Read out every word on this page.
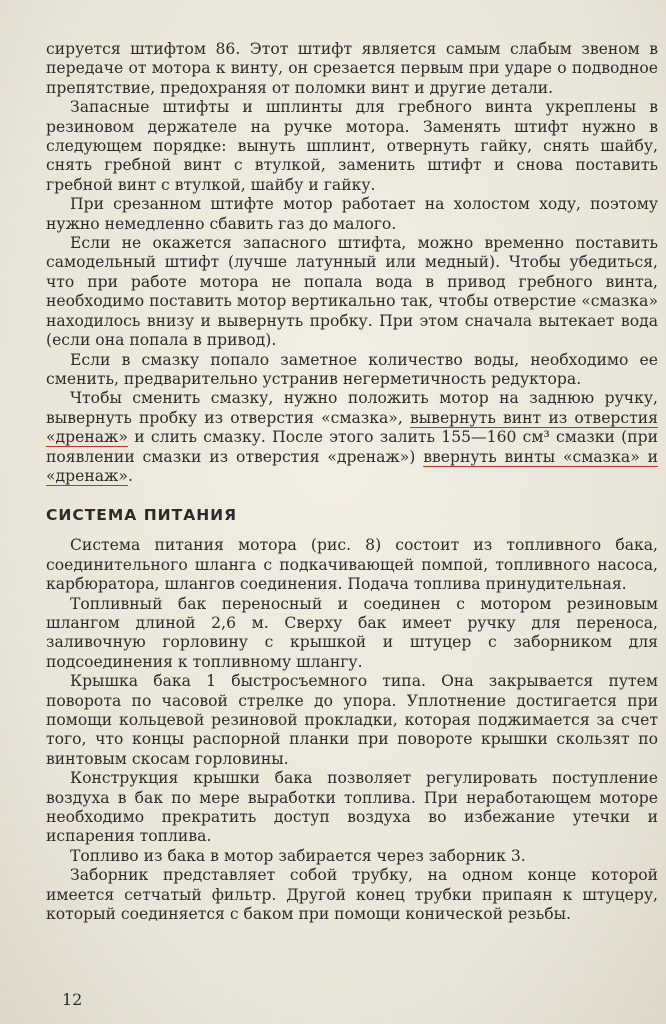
сируется штифтом 86. Этот штифт является самым слабым звеном в передаче от мотора к винту, он срезается первым при ударе о подводное препятствие, предохраняя от поломки винт и другие детали.

Запасные штифты и шплинты для гребного винта укреплены в резиновом держателе на ручке мотора. Заменять штифт нужно в следующем порядке: вынуть шплинт, отвернуть гайку, снять шайбу, снять гребной винт с втулкой, заменить штифт и снова поставить гребной винт с втулкой, шайбу и гайку.

При срезанном штифте мотор работает на холостом ходу, поэтому нужно немедленно сбавить газ до малого.

Если не окажется запасного штифта, можно временно поставить самодельный штифт (лучше латунный или медный). Чтобы убедиться, что при работе мотора не попала вода в привод гребного винта, необходимо поставить мотор вертикально так, чтобы отверстие «смазка» находилось внизу и вывернуть пробку. При этом сначала вытекает вода (если она попала в привод).

Если в смазку попало заметное количество воды, необходимо ее сменить, предварительно устранив негерметичность редуктора.

Чтобы сменить смазку, нужно положить мотор на заднюю ручку, вывернуть пробку из отверстия «смазка», вывернуть винт из отверстия «дренаж» и слить смазку. После этого залить 155—160 см³ смазки (при появлении смазки из отверстия «дренаж») ввернуть винты «смазка» и «дренаж».

СИСТЕМА ПИТАНИЯ

Система питания мотора (рис. 8) состоит из топливного бака, соединительного шланга с подкачивающей помпой, топливного насоса, карбюратора, шлангов соединения. Подача топлива принудительная.

Топливный бак переносный и соединен с мотором резиновым шлангом длиной 2,6 м. Сверху бак имеет ручку для переноса, заливочную горловину с крышкой и штуцер с заборником для подсоединения к топливному шлангу.

Крышка бака 1 быстросъемного типа. Она закрывается путем поворота по часовой стрелке до упора. Уплотнение достигается при помощи кольцевой резиновой прокладки, которая поджимается за счет того, что концы распорной планки при повороте крышки скользят по винтовым скосам горловины.

Конструкция крышки бака позволяет регулировать поступление воздуха в бак по мере выработки топлива. При неработающем моторе необходимо прекратить доступ воздуха во избежание утечки и испарения топлива.

Топливо из бака в мотор забирается через заборник 3.

Заборник представляет собой трубку, на одном конце которой имеется сетчатый фильтр. Другой конец трубки припаян к штуцеру, который соединяется с баком при помощи конической резьбы.

12
